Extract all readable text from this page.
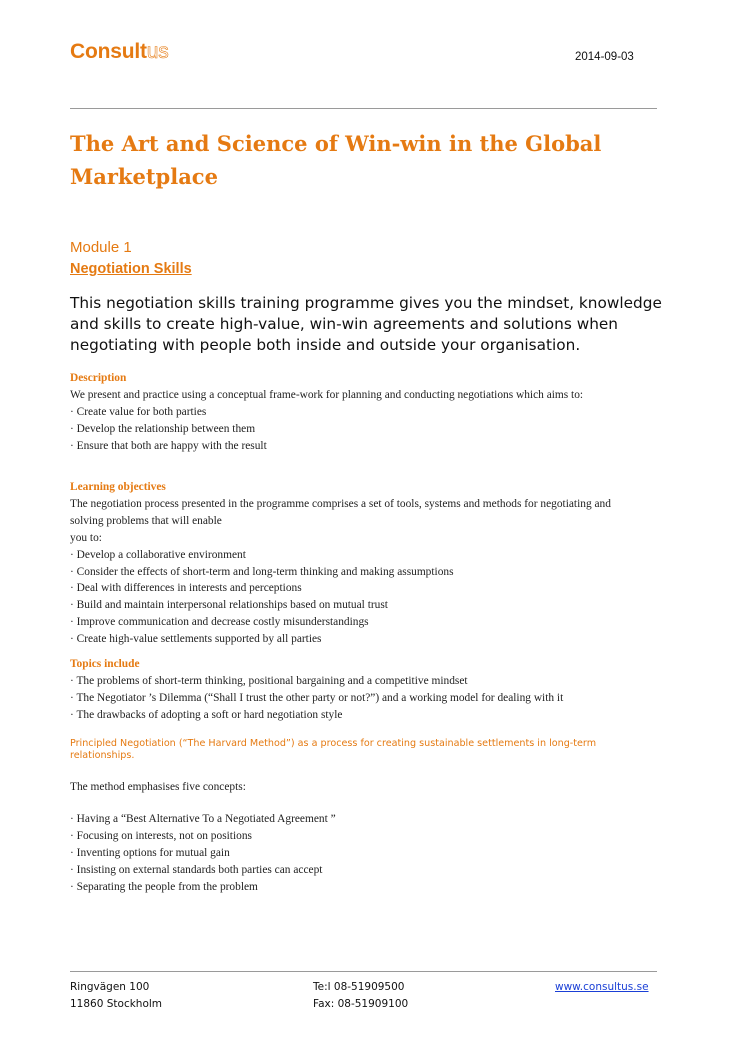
Consultus	2014-09-03
The Art and Science of Win-win in the Global Marketplace
Module 1
Negotiation Skills

This negotiation skills training programme gives you the mindset, knowledge and skills to create high-value, win-win agreements and solutions when negotiating with people both inside and outside your organisation.

Description
We present and practice using a conceptual frame-work for planning and conducting negotiations which aims to:
· Create value for both parties
· Develop the relationship between them
· Ensure that both are happy with the result
Learning objectives
The negotiation process presented in the programme comprises a set of tools, systems and methods for negotiating and solving problems that will enable
you to:
· Develop a collaborative environment
· Consider the effects of short-term and long-term thinking and making assumptions
· Deal with differences in interests and perceptions
· Build and maintain interpersonal relationships based on mutual trust
· Improve communication and decrease costly misunderstandings
· Create high-value settlements supported by all parties
Topics include
· The problems of short-term thinking, positional bargaining and a competitive mindset
· The Negotiator ’s Dilemma (“Shall I trust the other party or not?”) and a working model for dealing with it
· The drawbacks of adopting a soft or hard negotiation style
Principled Negotiation (“The Harvard Method”) as a process for creating sustainable settlements in long-term relationships.
The method emphasises five concepts:
· Having a “Best Alternative To a Negotiated Agreement ”
· Focusing on interests, not on positions
· Inventing options for mutual gain
· Insisting on external standards both parties can accept
· Separating the people from the problem
Ringvägen 100
11860 Stockholm
Te:l 08-51909500
Fax: 08-51909100
www.consultus.se
